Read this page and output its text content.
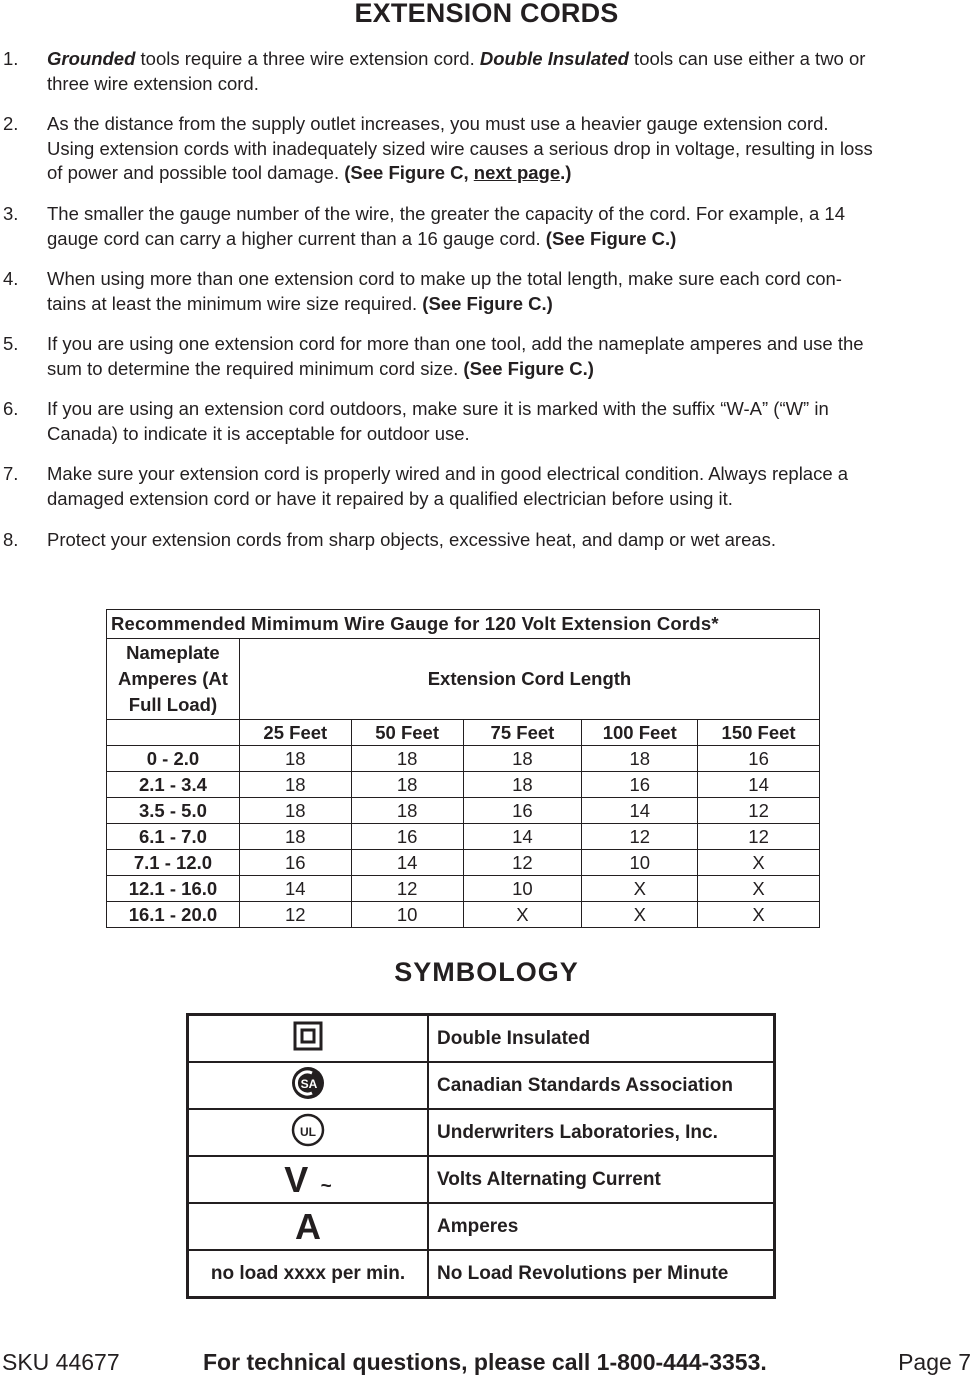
EXTENSION CORDS
1. Grounded tools require a three wire extension cord. Double Insulated tools can use either a two or
three wire extension cord.
2. As the distance from the supply outlet increases, you must use a heavier gauge extension cord.
Using extension cords with inadequately sized wire causes a serious drop in voltage, resulting in loss
of power and possible tool damage. (See Figure C, next page.)
3. The smaller the gauge number of the wire, the greater the capacity of the cord. For example, a 14
gauge cord can carry a higher current than a 16 gauge cord. (See Figure C.)
4. When using more than one extension cord to make up the total length, make sure each cord con-
tains at least the minimum wire size required. (See Figure C.)
5. If you are using one extension cord for more than one tool, add the nameplate amperes and use the
sum to determine the required minimum cord size. (See Figure C.)
6. If you are using an extension cord outdoors, make sure it is marked with the suffix “W-A” (“W” in
Canada) to indicate it is acceptable for outdoor use.
7. Make sure your extension cord is properly wired and in good electrical condition. Always replace a
damaged extension cord or have it repaired by a qualified electrician before using it.
8. Protect your extension cords from sharp objects, excessive heat, and damp or wet areas.
Recommended Mimimum Wire Gauge for 120 Volt Extension Cords*					

Nameplate
Amperes (At
Full Load)	Extension Cord Length				
	25 Feet	50 Feet	75 Feet	100 Feet	150 Feet
0 - 2.0	18	18	18	18	16
2.1 - 3.4	18	18	18	16	14
3.5 - 5.0	18	18	16	14	12
6.1 - 7.0	18	16	14	12	12
7.1 - 12.0	16	14	12	10	X
12.1 - 16.0	14	12	10	X	X
16.1 - 20.0	12	10	X	X	X
SYMBOLOGY
	Double Insulated

SA	Canadian Standards Association

UL	Underwriters Laboratories, Inc.
V ~	Volts Alternating Current
A	Amperes
no load xxxx per min.	No Load Revolutions per Minute
SKU 44677	For technical questions, please call 1-800-444-3353.	Page 7
